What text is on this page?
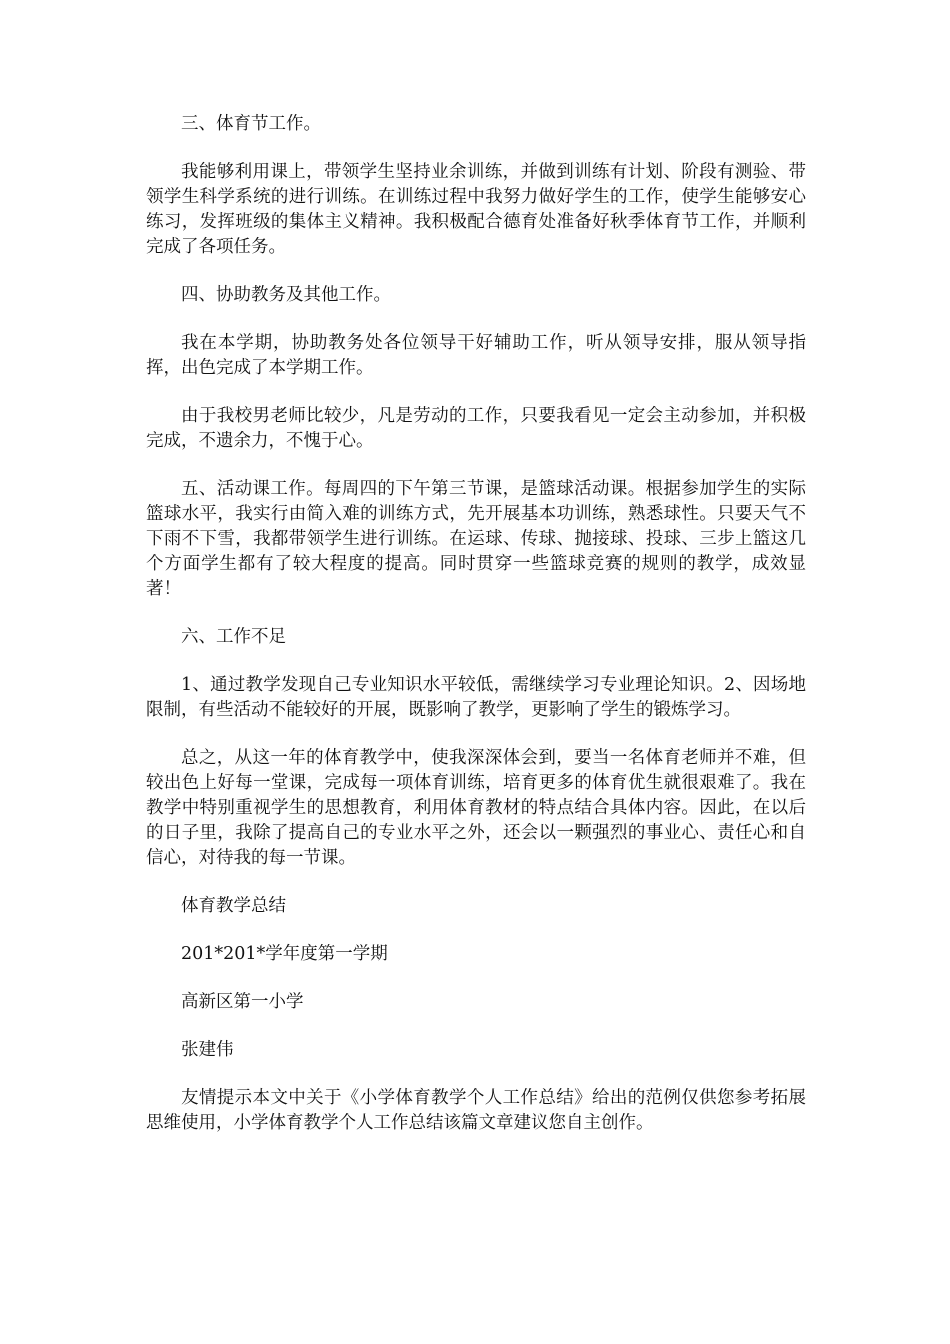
三、体育节工作。

我能够利用课上，带领学生坚持业余训练，并做到训练有计划、阶段有测验、带领学生科学系统的进行训练。在训练过程中我努力做好学生的工作，使学生能够安心练习，发挥班级的集体主义精神。我积极配合德育处准备好秋季体育节工作，并顺利完成了各项任务。

四、协助教务及其他工作。

我在本学期，协助教务处各位领导干好辅助工作，听从领导安排，服从领导指挥，出色完成了本学期工作。

由于我校男老师比较少，凡是劳动的工作，只要我看见一定会主动参加，并积极完成，不遗余力，不愧于心。

五、活动课工作。每周四的下午第三节课，是篮球活动课。根据参加学生的实际篮球水平，我实行由简入难的训练方式，先开展基本功训练，熟悉球性。只要天气不下雨不下雪，我都带领学生进行训练。在运球、传球、抛接球、投球、三步上篮这几个方面学生都有了较大程度的提高。同时贯穿一些篮球竞赛的规则的教学，成效显著！

六、工作不足

1、通过教学发现自己专业知识水平较低，需继续学习专业理论知识。2、因场地限制，有些活动不能较好的开展，既影响了教学，更影响了学生的锻炼学习。

总之，从这一年的体育教学中，使我深深体会到，要当一名体育老师并不难，但较出色上好每一堂课，完成每一项体育训练，培育更多的体育优生就很艰难了。我在教学中特别重视学生的思想教育，利用体育教材的特点结合具体内容。因此，在以后的日子里，我除了提高自己的专业水平之外，还会以一颗强烈的事业心、责任心和自信心，对待我的每一节课。

体育教学总结

201*201*学年度第一学期

高新区第一小学

张建伟

友情提示本文中关于《小学体育教学个人工作总结》给出的范例仅供您参考拓展思维使用，小学体育教学个人工作总结该篇文章建议您自主创作。
